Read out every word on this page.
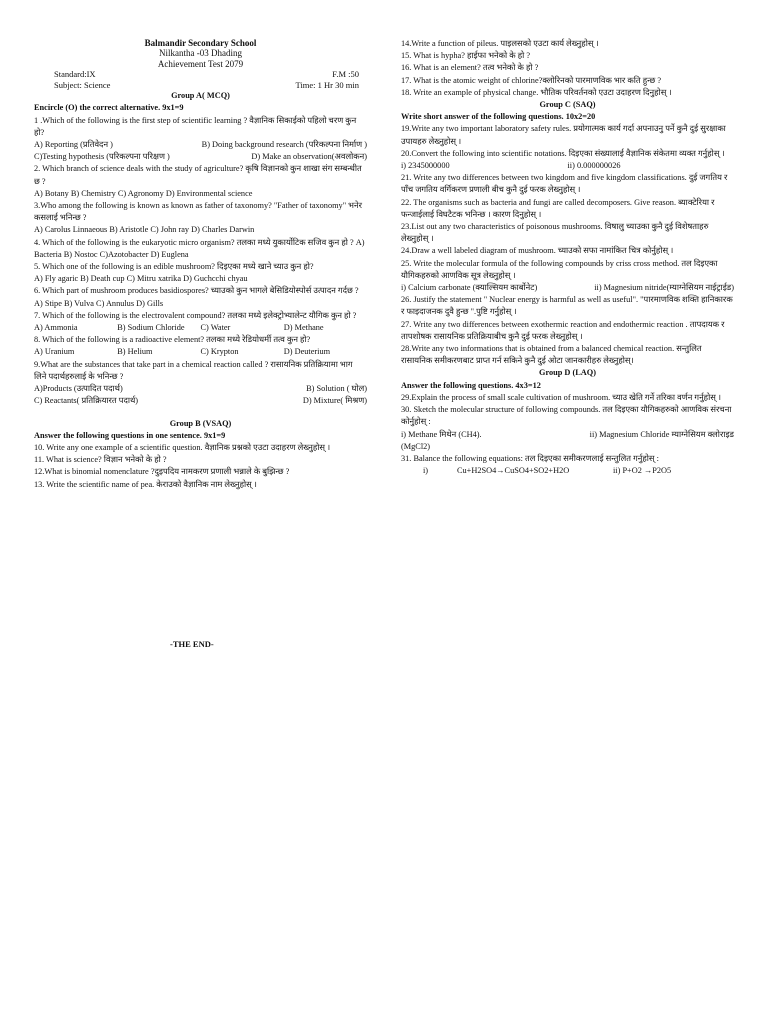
Balmandir Secondary School
Nilkantha -03 Dhading
Achievement Test 2079
Standard:IX	F.M :50
Subject: Science	Time: 1 Hr 30 min
Group A( MCQ)
Encircle (O) the correct alternative. 9x1=9

1 .Which of the following is the first step of scientific learning ? वैज्ञानिक सिकाईको पहिलो चरण कुन हो?

A) Reporting (प्रतिवेदन )	B) Doing background research (परिकल्पना निर्माण )
C)Testing hypothesis (परिकल्पना परिक्षण )	D) Make an observation(अवलोकन)

2. Which branch of science deals with the study of agriculture? कृषि विज्ञानको कुन शाखा संग सम्बन्धीत छ ?

A) Botany B) Chemistry C) Agronomy D) Environmental science

3.Who among the following is known as known as father of taxonomy? "Father of taxonomy" भनेर कसलाई भनिन्छ ?

A) Carolus Linnaeous B) Aristotle C) John ray D) Charles Darwin

4. Which of the following is the eukaryotic micro organism? तलका मध्ये युकार्योटिक सजिव कुन हो ? A) Bacteria B) Nostoc C)Azotobacter D) Euglena

5. Which one of the following is an edible mushroom? दिइएका मध्ये खाने च्याउ कुन हो?

A) Fly agaric B) Death cup C) Mitru xatrika D) Guchcchi chyau

6. Which part of mushroom produces basidiospores? च्याउको कुन भागले बेसिडियोस्पोर्स उत्पादन गर्दछ ? A) Stipe B) Vulva C) Annulus D) Gills

7. Which of the following is the electrovalent compound? तलका मध्ये इलेक्ट्रोभ्यालेन्ट यौगिक कुन हो ?

A) Ammonia	B) Sodium Chloride	C) Water	D) Methane

8. Which of the following is a radioactive element? तलका मध्ये रेडियोधर्मी तत्व कुन हो?

A) Uranium	B) Helium	C) Krypton	D) Deuterium

9.What are the substances that take part in a chemical reaction called ? रासायनिक प्रतिक्रियामा भाग लिने पदार्थहरुलाई के भनिन्छ ?

A)Products (उत्पादित पदार्थ)	B) Solution ( घोल)
C) Reactants( प्रतिक्रियारत पदार्थ)	D) Mixture( मिश्रण)
Group B (VSAQ)
Answer the following questions in one sentence. 9x1=9

10. Write any one example of a scientific question. वैज्ञानिक प्रश्नको एउटा उदाहरण लेख्नुहोस् ।

11. What is science? विज्ञान भनेको के हो ?

12.What is binomial nomenclature ?दुइपदिय नामकरण प्रणाली भन्नाले के बुझिन्छ ?

13. Write the scientific name of pea. केराउको वैज्ञानिक नाम लेख्नुहोस् ।

14.Write a function of pileus. पाइलसको एउटा कार्य लेख्नुहोस् ।

15. What is hypha? हाईफा भनेको के हो ?

16. What is an element? तत्व भनेको के हो ?

17. What is the atomic weight of chlorine?क्लोरिनको पारमाणविक भार कति हुन्छ ?

18. Write an example of physical change. भौतिक परिवर्तनको एउटा उदाहरण दिनुहोस् ।

Group C (SAQ)
Write short answer of the following questions. 10x2=20

19.Write any two important laboratory safety rules. प्रयोगात्मक कार्य गर्दा अपनाउनु पर्ने कुनै दुई सुरक्षाका उपायहरु लेख्नुहोस् ।

20.Convert the following into scientific notations. दिइएका संख्यालाई वैज्ञानिक संकेतमा व्यक्त गर्नुहोस् ।

i) 2345000000	ii) 0.000000026

21. Write any two differences between two kingdom and five kingdom classifications. दुई जगतिय र पाँच जगतिय वर्गिकरण प्रणाली बीच कुनै दुई फरक लेख्नुहोस् ।

22. The organisms such as bacteria and fungi are called decomposers. Give reason. ब्याक्टेरिया र फन्जाईलाई विघटैटक भनिन्छ । कारण दिनुहोस् ।

23.List out any two characteristics of poisonous mushrooms. विषालु च्याउका कुनै दुई विशेषताहरु लेख्नुहोस् ।

24.Draw a well labeled diagram of mushroom. च्याउको सफा नामांकित चित्र कोर्नुहोस् ।

25. Write the molecular formula of the following compounds by criss cross method. तल दिइएका यौगिकहरुको आणविक सूत्र लेख्नुहोस् ।

i) Calcium carbonate (क्याल्सियम कार्बोनेट)	ii) Magnesium nitride(म्याग्नेसियम नाईट्राईड)

26. Justify the statement " Nuclear energy is harmful as well as useful". "पारमाणविक शक्ति हानिकारक र फाइदाजनक दुवै हुन्छ ".पुष्टि गर्नुहोस् ।

27. Write any two differences between exothermic reaction and endothermic reaction . तापदायक र तापशोषक रासायनिक प्रतिक्रियाबीच कुनै दुई फरक लेख्नुहोस् ।

28.Write any two informations that is obtained from a balanced chemical reaction. सन्तुलित रासायनिक समीकरणबाट प्राप्त गर्न सकिने कुनै दुई ओटा जानकारीहरु लेख्नुहोस्।

Group D (LAQ)
Answer the following questions. 4x3=12

29.Explain the process of small scale cultivation of mushroom. च्याउ खेति गर्ने तरिका वर्णन गर्नुहोस् ।

30. Sketch the molecular structure of following compounds. तल दिइएका यौगिकहरुको आणविक संरचना कोर्नुहोस् :

i) Methane मिथेन (CH4).	ii) Magnesium Chloride म्याग्नेसियम क्लोराइड
(MgCl2)

31. Balance the following equations: तल दिइएका समीकरणलाई सन्तुलित गर्नुहोस् :

i)	Cu+H2SO4→CuSO4+SO2+H2O	ii) P+O2 →P2O5
-THE END-
